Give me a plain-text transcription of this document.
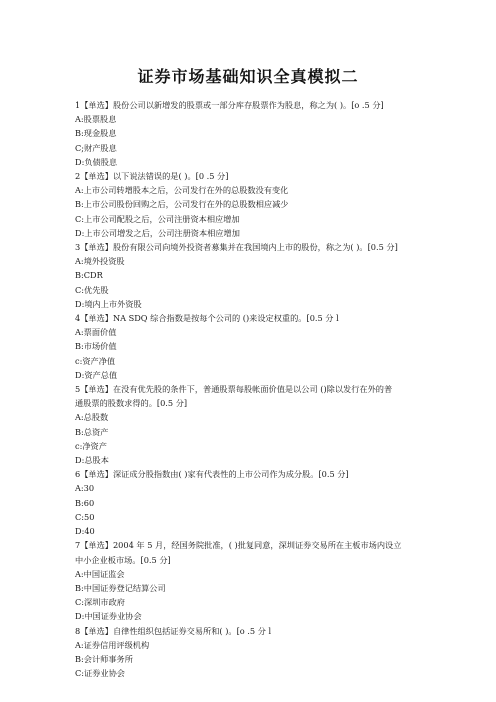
证券市场基础知识全真模拟二
1【单选】股份公司以新增发的股票或一部分库存股票作为股息，称之为( )。[o .5 分]
A:股票股息
B:现金股息
C;财产股息
D:负债股息
2【单选】以下说法错误的是( )。[0 .5 分]
A:上市公司转增股本之后，公司发行在外的总股数没有变化
B:上市公司股份回购之后，公司发行在外的总股数相应减少
C:上市公司配股之后，公司注册资本相应增加
D:上市公司增发之后，公司注册资本相应增加
3【单选】股份有限公司向境外投资者募集并在我国境内上市的股份，称之为( )。[0.5 分]
A:境外投资股
B:CDR
C:优先股
D:境内上市外资股
4【单选】NA SDQ 综合指数是按每个公司的 ()来设定权重的。[0.5 分 l
A:票面价值
B:市场价值
c:资产净值
D:资产总值
5【单选】在没有优先股的条件下，普通股票每股帐面价值是以公司 ()除以发行在外的普
通股票的股数求得的。[0.5 分]
A:总股数
B:总资产
c:净资产
D:总股本
6【单选】深证成分股指数由( )家有代表性的上市公司作为成分股。[0.5 分]
A:30
B:60
C:50
D:40
7【单选】2004 年 5 月，经国务院批准，( )批复同意，深圳证券交易所在主板市场内设立
中小企业板市场。[0.5 分]
A:中国证监会
B:中国证券登记结算公司
C:深圳市政府
D:中国证券业协会
8【单选】自律性组织包括证券交易所和( )。[o .5 分 l
A:证券信用评级机构
B:会计师事务所
C:证券业协会
